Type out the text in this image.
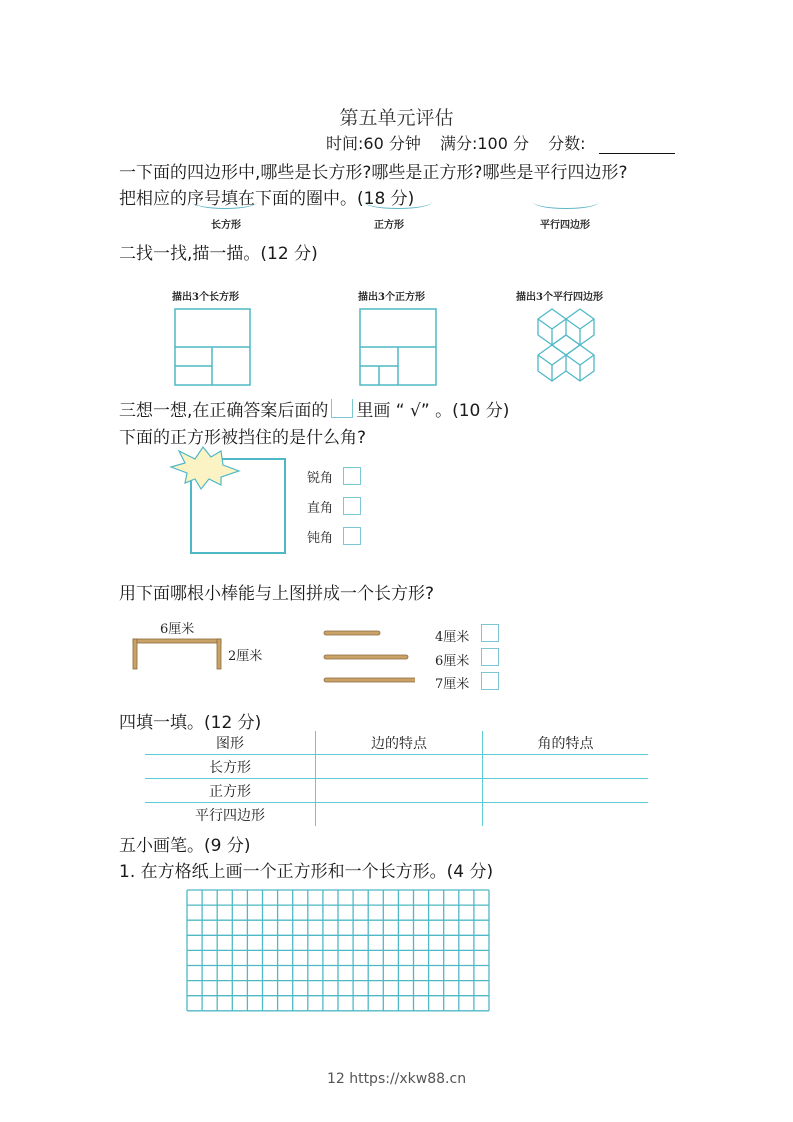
第五单元评估
时间:60 分钟 满分:100 分 分数:
一下面的四边形中,哪些是长方形?哪些是正方形?哪些是平行四边形?
把相应的序号填在下面的圈中。(18 分)
长方形	正方形	平行四边形
二找一找,描一描。(12 分)
描出3个长方形	描出3个正方形	描出3个平行四边形
三想一想,在正确答案后面的 里画 “ √” 。(10 分)
下面的正方形被挡住的是什么角?
锐角
直角
钝角
用下面哪根小棒能与上图拼成一个长方形?
6厘米
2厘米
4厘米
6厘米
7厘米
四填一填。(12 分)
图形	边的特点	角的特点
长方形		
正方形		
平行四边形		
五小画笔。(9 分)
1. 在方格纸上画一个正方形和一个长方形。(4 分)
12 https://xkw88.cn
